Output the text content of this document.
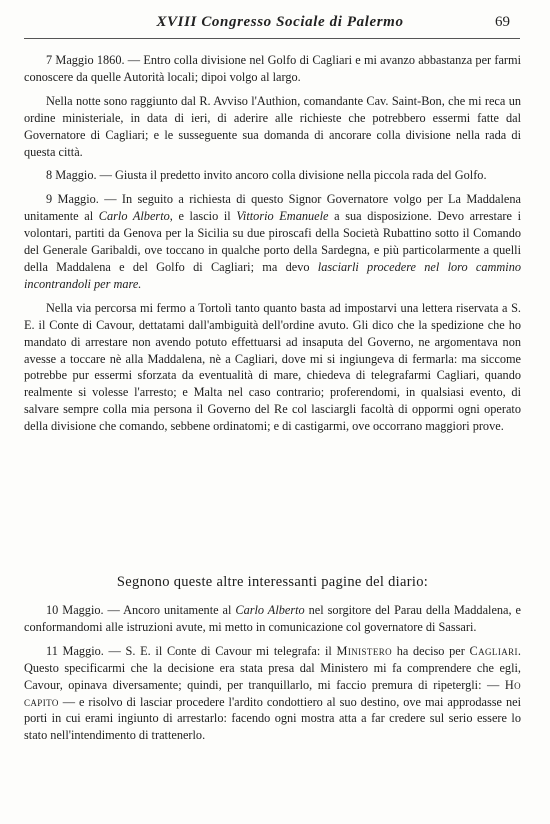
XVIII Congresso Sociale di Palermo	69

7 Maggio 1860. — Entro colla divisione nel Golfo di Cagliari e mi avanzo abbastanza per farmi conoscere da quelle Autorità locali; dipoi volgo al largo.

Nella notte sono raggiunto dal R. Avviso l'Authion, comandante Cav. Saint-Bon, che mi reca un ordine ministeriale, in data di ieri, di aderire alle richieste che potrebbero essermi fatte dal Governatore di Cagliari; e le susseguente sua domanda di ancorare colla divisione nella rada di questa città.

8 Maggio. — Giusta il predetto invito ancoro colla divisione nella piccola rada del Golfo.

9 Maggio. — In seguito a richiesta di questo Signor Governatore volgo per La Maddalena unitamente al Carlo Alberto, e lascio il Vittorio Emanuele a sua disposizione. Devo arrestare i volontari, partiti da Genova per la Sicilia su due piroscafi della Società Rubattino sotto il Comando del Generale Garibaldi, ove toccano in qualche porto della Sardegna, e più particolarmente a quelli della Maddalena e del Golfo di Cagliari; ma devo lasciarli procedere nel loro cammino incontrandoli per mare.

Nella via percorsa mi fermo a Tortolì tanto quanto basta ad impostarvi una lettera riservata a S. E. il Conte di Cavour, dettatami dall'ambiguità dell'ordine avuto. Gli dico che la spedizione che ho mandato di arrestare non avendo potuto effettuarsi ad insaputa del Governo, ne argomentava non avesse a toccare nè alla Maddalena, nè a Cagliari, dove mi si ingiungeva di fermarla: ma siccome potrebbe pur essermi sforzata da eventualità di mare, chiedeva di telegrafarmi Cagliari, quando realmente si volesse l'arresto; e Malta nel caso contrario; proferendomi, in qualsiasi evento, di salvare sempre colla mia persona il Governo del Re col lasciargli facoltà di oppormi ogni operato della divisione che comando, sebbene ordinatomi; e di castigarmi, ove occorrano maggiori prove.

Segnono queste altre interessanti pagine del diario:

10 Maggio. — Ancoro unitamente al Carlo Alberto nel sorgitore del Parau della Maddalena, e conformandomi alle istruzioni avute, mi metto in comunicazione col governatore di Sassari.

11 Maggio. — S. E. il Conte di Cavour mi telegrafa: il Ministero ha deciso per Cagliari. Questo specificarmi che la decisione era stata presa dal Ministero mi fa comprendere che egli, Cavour, opinava diversamente; quindi, per tranquillarlo, mi faccio premura di ripetergli: — Ho capito — e risolvo di lasciar procedere l'ardito condottiero al suo destino, ove mai approdasse nei porti in cui erami ingiunto di arrestarlo: facendo ogni mostra atta a far credere sul serio essere lo stato nell'intendimento di trattenerlo.
